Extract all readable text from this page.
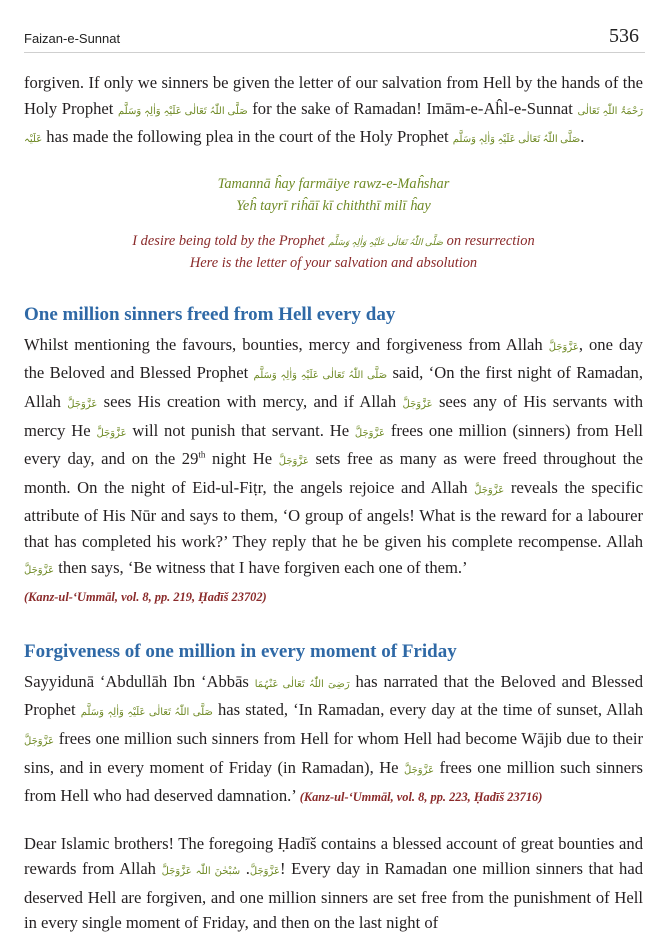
Faizan-e-Sunnat	536

forgiven. If only we sinners be given the letter of our salvation from Hell by the hands of the Holy Prophet صَلَّی اللّٰہُ تَعَالٰی عَلَیْہِ وَاٰلِہٖ وَسَلَّم for the sake of Ramadan! Imām-e-Aĥl-e-Sunnat رَحْمَۃُ اللّٰہِ تَعَالٰی عَلَیْہ has made the following plea in the court of the Holy Prophet صَلَّی اللّٰہُ تَعَالٰی عَلَیْہِ وَاٰلِہٖ وَسَلَّم.

Tamannā ĥay farmāiye rawz-e-Maĥshar
Yeĥ tayrī riĥāī kī chiththī milī ĥay
I desire being told by the Prophet صَلَّی اللّٰہُ تَعَالٰی عَلَیْہِ وَاٰلِہٖ وَسَلَّم on resurrection
Here is the letter of your salvation and absolution
One million sinners freed from Hell every day

Whilst mentioning the favours, bounties, mercy and forgiveness from Allah عَزَّوَجَلَّ, one day the Beloved and Blessed Prophet صَلَّی اللّٰہُ تَعَالٰی عَلَیْہِ وَاٰلِہٖ وَسَلَّم said, ‘On the first night of Ramadan, Allah عَزَّوَجَلَّ sees His creation with mercy, and if Allah عَزَّوَجَلَّ sees any of His servants with mercy He عَزَّوَجَلَّ will not punish that servant. He عَزَّوَجَلَّ frees one million (sinners) from Hell every day, and on the 29th night He عَزَّوَجَلَّ sets free as many as were freed throughout the month. On the night of Eid-ul-Fiṭr, the angels rejoice and Allah عَزَّوَجَلَّ reveals the specific attribute of His Nūr and says to them, ‘O group of angels! What is the reward for a labourer that has completed his work?’ They reply that he be given his complete recompense. Allah عَزَّوَجَلَّ then says, ‘Be witness that I have forgiven each one of them.’

(Kanz-ul-‘Ummāl, vol. 8, pp. 219, Ḥadīš 23702)

Forgiveness of one million in every moment of Friday

Sayyidunā ‘Abdullāh Ibn ‘Abbās رَضِیَ اللّٰہُ تَعَالٰی عَنْہُمَا has narrated that the Beloved and Blessed Prophet صَلَّی اللّٰہُ تَعَالٰی عَلَیْہِ وَاٰلِہٖ وَسَلَّم has stated, ‘In Ramadan, every day at the time of sunset, Allah عَزَّوَجَلَّ frees one million such sinners from Hell for whom Hell had become Wājib due to their sins, and in every moment of Friday (in Ramadan), He عَزَّوَجَلَّ frees one million such sinners from Hell who had deserved damnation.’ (Kanz-ul-‘Ummāl, vol. 8, pp. 223, Ḥadīš 23716)

Dear Islamic brothers! The foregoing Ḥadīš contains a blessed account of great bounties and rewards from Allah	عَزَّوَجَلَّ. سُبْحٰنَ اللّٰہ عَزَّوَجَلَّ ! Every day in Ramadan one million sinners that had deserved Hell are forgiven, and one million sinners are set free from the punishment of Hell in every single moment of Friday, and then on the last night of
